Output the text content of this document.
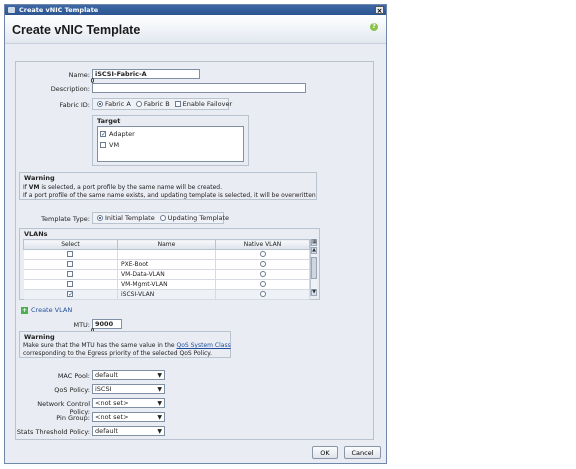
Create vNIC Template	×
Create vNIC Template	?
Name: iSCSI-Fabric-A
Description:
Fabric ID: Fabric A Fabric B Enable Failover
Target
✓ Adapter
VM
Warning
If VM is selected, a port profile by the same name will be created.
If a port profile of the same name exists, and updating template is selected, it will be overwritten
Template Type: Initial Template Updating Template
VLANs
Select	Name	Native VLAN

	PXE-Boot	
	VM-Data-VLAN	
	VM-Mgmt-VLAN	
✓	iSCSI-VLAN	
▦
▲
▼
+ Create VLAN
MTU: 9000
Warning
Make sure that the MTU has the same value in the QoS System Class
corresponding to the Egress priority of the selected QoS Policy.
MAC Pool: default	▼
QoS Policy: iSCSI	▼
Network Control Policy:
<not set>	▼
Pin Group: <not set>	▼
Stats Threshold Policy: default	▼
OK	Cancel
